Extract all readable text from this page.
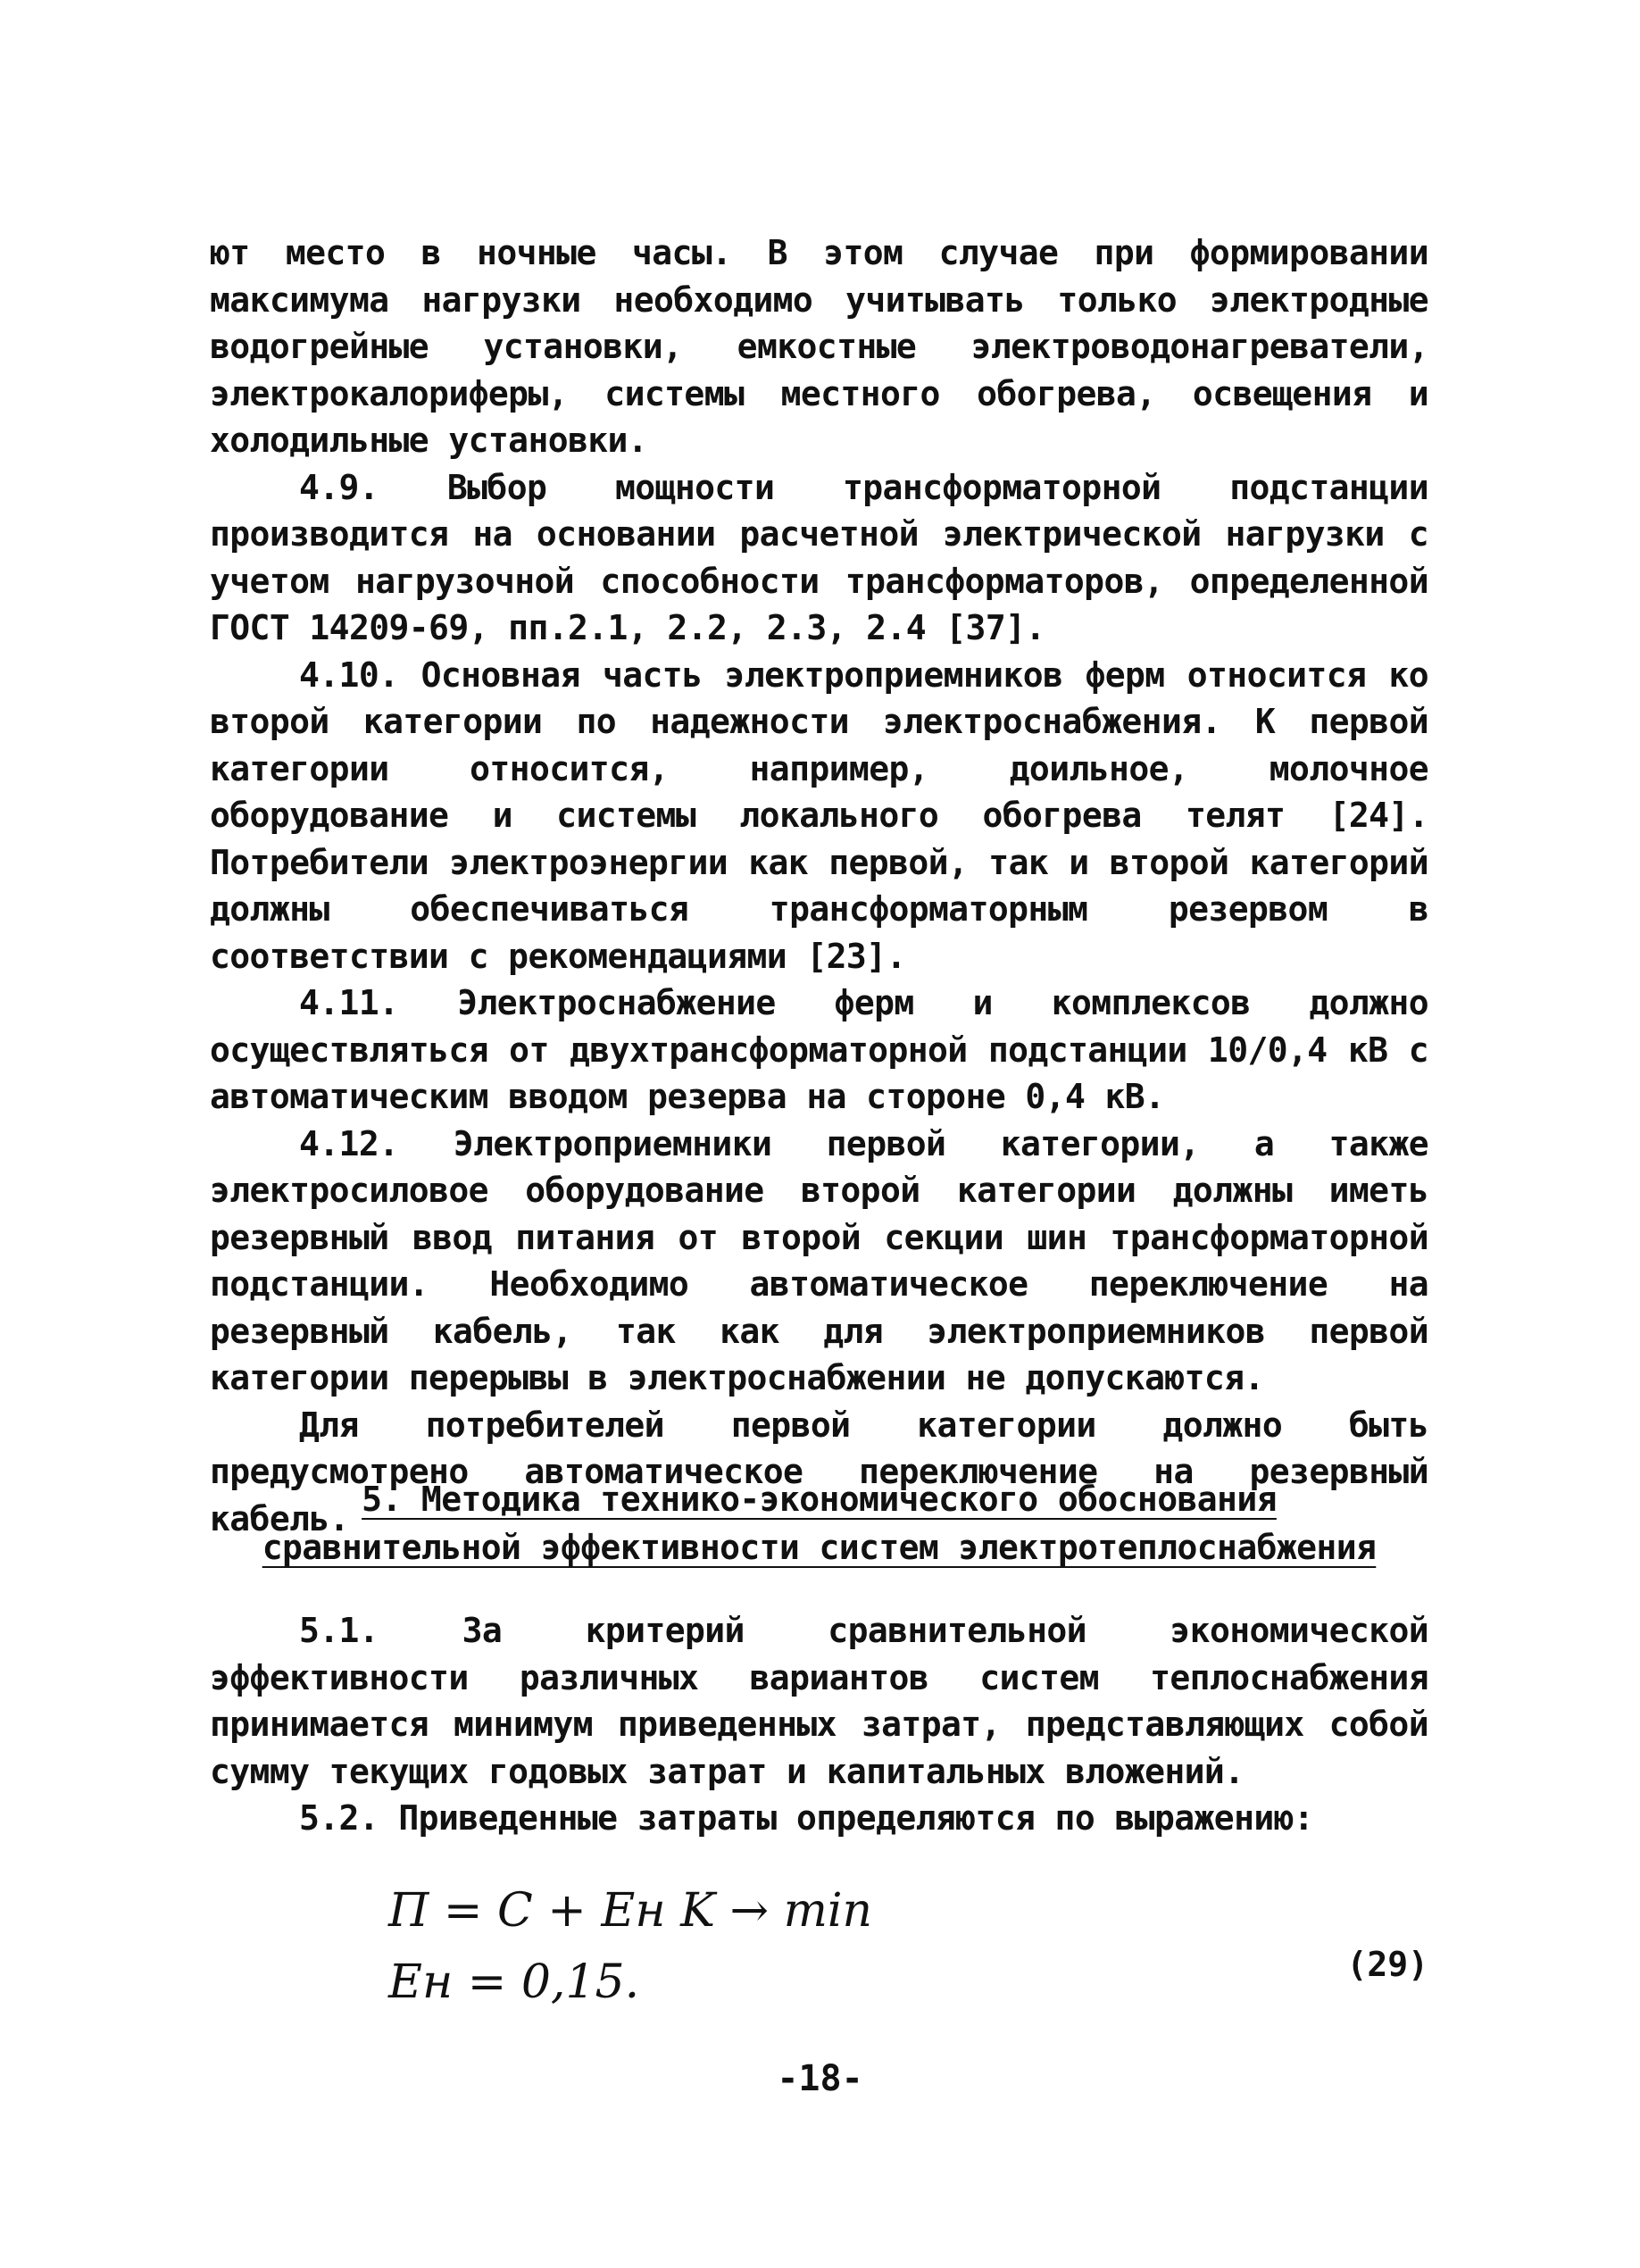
ют место в ночные часы. В этом случае при формировании максимума нагрузки необходимо учитывать только электродные водогрейные установки, емкостные электроводонагреватели, электрокалориферы, системы местного обогрева, освещения и холодильные установки.

4.9. Выбор мощности трансформаторной подстанции производится на основании расчетной электрической нагрузки с учетом нагрузочной способности трансформаторов, определенной ГОСТ 14209-69, пп.2.1, 2.2, 2.3, 2.4 [37].

4.10. Основная часть электроприемников ферм относится ко второй категории по надежности электроснабжения. К первой категории относится, например, доильное, молочное оборудование и системы локального обогрева телят [24]. Потребители электроэнергии как первой, так и второй категорий должны обеспечиваться трансформаторным резервом в соответствии с рекомендациями [23].

4.11. Электроснабжение ферм и комплексов должно осуществляться от двухтрансформаторной подстанции 10/0,4 кВ с автоматическим вводом резерва на стороне 0,4 кВ.

4.12. Электроприемники первой категории, а также электросиловое оборудование второй категории должны иметь резервный ввод питания от второй секции шин трансформаторной подстанции. Необходимо автоматическое переключение на резервный кабель, так как для электроприемников первой категории перерывы в электроснабжении не допускаются.

Для потребителей первой категории должно быть предусмотрено автоматическое переключение на резервный кабель. 5. Методика технико-экономического обоснования
сравнительной эффективности систем электротеплоснабжения

5.1. За критерий сравнительной экономической эффективности различных вариантов систем теплоснабжения принимается минимум приведенных затрат, представляющих собой сумму текущих годовых затрат и капитальных вложений.

5.2. Приведенные затраты определяются по выражению:

П = С + Eн K → min
Eн = 0,15.	(29)
-18-
